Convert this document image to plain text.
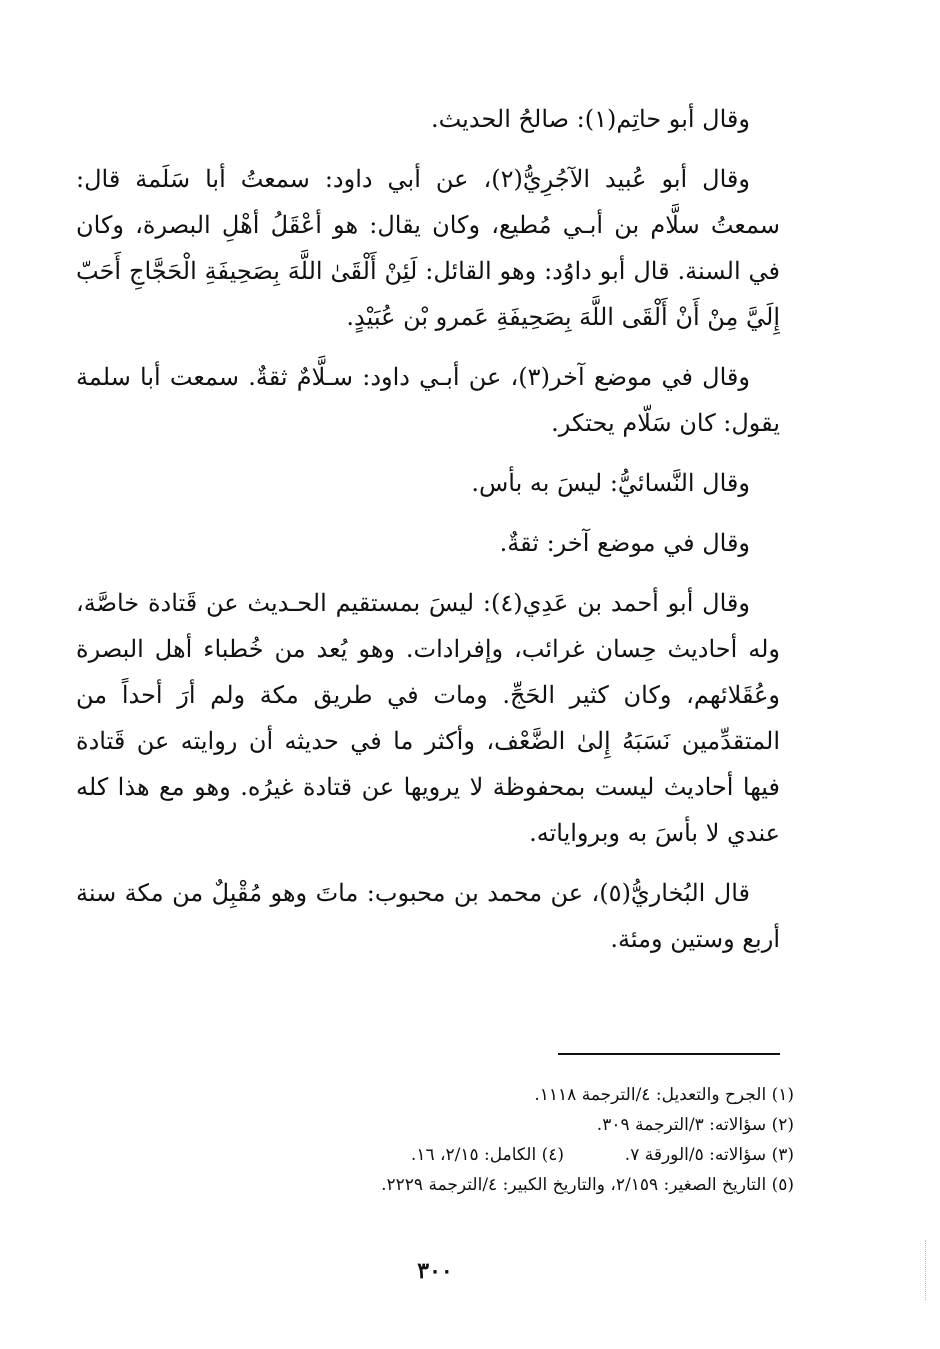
وقال أبو حاتِم(١): صالحُ الحديث.

وقال أبو عُبيد الآجُرِيُّ(٢)، عن أبي داود: سمعتُ أبا سَلَمة قال: سمعتُ سلَّام بن أبـي مُطيع، وكان يقال: هو أعْقَلُ أهْلِ البصرة، وكان في السنة. قال أبو داوُد: وهو القائل: لَئِنْ أَلْقَىٰ اللَّهَ بِصَحِيفَةِ الْحَجَّاجِ أَحَبّ إِلَيَّ مِنْ أَنْ أَلْقَى اللَّهَ بِصَحِيفَةِ عَمرو بْن عُبَيْدٍ.

وقال في موضع آخر(٣)، عن أبـي داود: سـلَّامٌ ثقةٌ. سمعت أبا سلمة يقول: كان سَلّام يحتكر.

وقال النَّسائيُّ: ليسَ به بأس.

وقال في موضع آخر: ثقةٌ.

وقال أبو أحمد بن عَدِي(٤): ليسَ بمستقيم الحـديث عن قَتادة خاصَّة، وله أحاديث حِسان غرائب، وإفرادات. وهو يُعد من خُطباء أهل البصرة وعُقَلائهم، وكان كثير الحَجِّ. ومات في طريق مكة ولم أرَ أحداً من المتقدِّمين نَسَبَهُ إِلىٰ الضَّعْف، وأكثر ما في حديثه أن روايته عن قَتادة فيها أحاديث ليست بمحفوظة لا يرويها عن قتادة غيرُه. وهو مع هذا كله عندي لا بأسَ به وبرواياته.

قال البُخاريُّ(٥)، عن محمد بن محبوب: ماتَ وهو مُقْبِلٌ من مكة سنة أربع وستين ومئة.

(١) الجرح والتعديل: ٤/الترجمة ١١١٨.
(٢) سؤالاته: ٣/الترجمة ٣٠٩.
(٣) سؤالاته: ٥/الورقة ٧.
(٤) الكامل: ٢/١٥، ١٦.
(٥) التاريخ الصغير: ٢/١٥٩، والتاريخ الكبير: ٤/الترجمة ٢٢٢٩.
٣٠٠
